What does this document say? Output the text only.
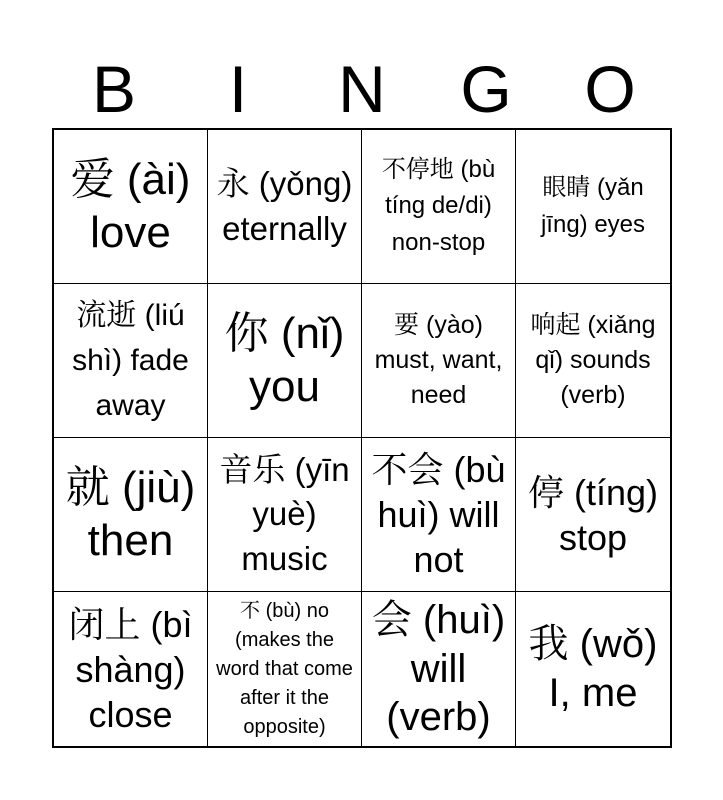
B	I	N	G	O
爱 (ài) love
永 (yǒng) eternally
不停地 (bù tíng de/di) non-stop
眼睛 (yǎn jīng) eyes
流逝 (liú shì) fade away
你 (nǐ) you
要 (yào) must, want, need
响起 (xiǎng qǐ) sounds (verb)
就 (jiù) then
音乐 (yīn yuè) music
不会 (bù huì) will not
停 (tíng) stop
闭上 (bì shàng) close
不 (bù) no (makes the word that come after it the opposite)
会 (huì) will (verb)
我 (wǒ) I, me
